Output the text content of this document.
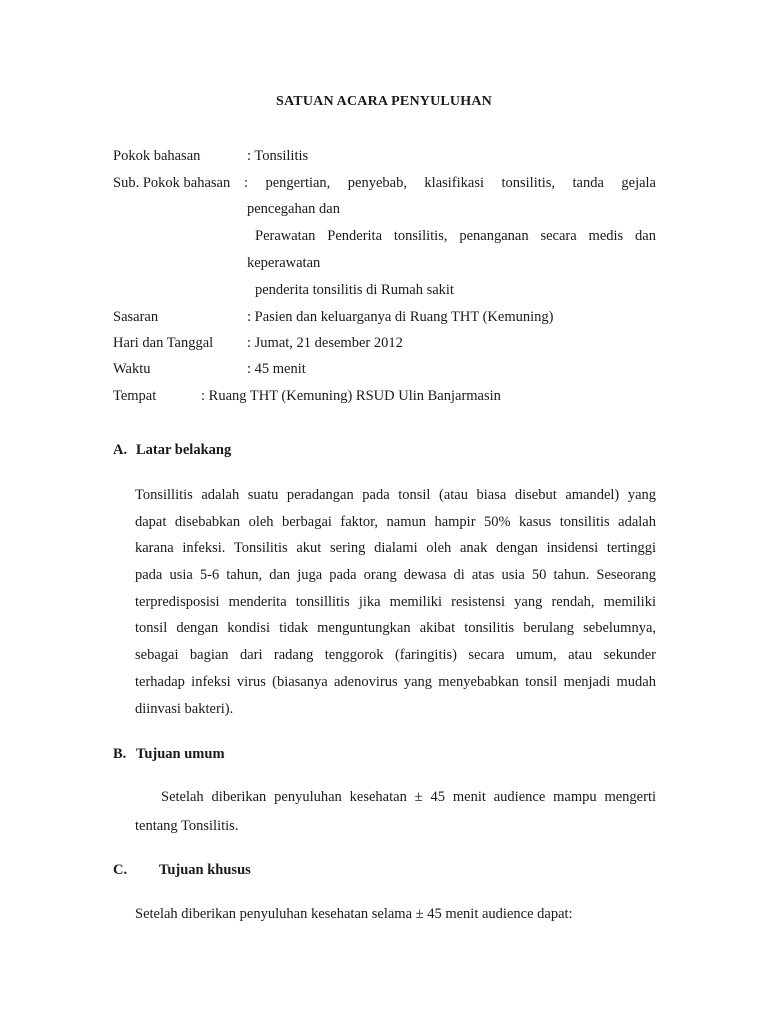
SATUAN ACARA PENYULUHAN
Pokok bahasan	: Tonsilitis
Sub. Pokok bahasan : pengertian, penyebab, klasifikasi tonsilitis, tanda gejala
pencegahan dan
Perawatan Penderita tonsilitis, penanganan secara medis dan
keperawatan
penderita tonsilitis di Rumah sakit
Sasaran	: Pasien dan keluarganya di Ruang THT (Kemuning)
Hari dan Tanggal : Jumat, 21 desember 2012
Waktu	: 45 menit
Tempat	: Ruang THT (Kemuning) RSUD Ulin Banjarmasin
A. Latar belakang
Tonsillitis adalah suatu peradangan pada tonsil (atau biasa disebut amandel) yang
dapat disebabkan oleh berbagai faktor, namun hampir 50% kasus tonsilitis adalah
karana infeksi. Tonsilitis akut sering dialami oleh anak dengan insidensi tertinggi
pada usia 5-6 tahun, dan juga pada orang dewasa di atas usia 50 tahun. Seseorang
terpredisposisi menderita tonsillitis jika memiliki resistensi yang rendah, memiliki
tonsil dengan kondisi tidak menguntungkan akibat tonsilitis berulang sebelumnya,
sebagai bagian dari radang tenggorok (faringitis) secara umum, atau sekunder
terhadap infeksi virus (biasanya adenovirus yang menyebabkan tonsil menjadi mudah
diinvasi bakteri).
B. Tujuan umum
Setelah diberikan penyuluhan kesehatan ± 45 menit audience mampu mengerti
tentang Tonsilitis.
C. Tujuan khusus
Setelah diberikan penyuluhan kesehatan selama ± 45 menit audience dapat:
